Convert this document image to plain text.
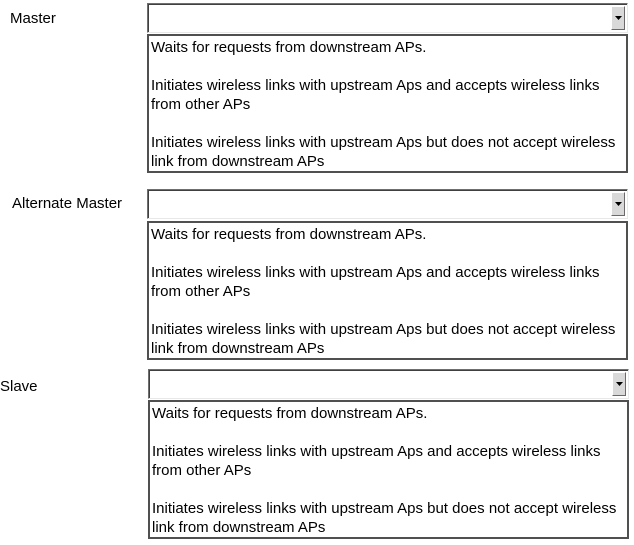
Master
Waits for requests from downstream APs.
Initiates wireless links with upstream Aps and accepts wireless links from other APs
Initiates wireless links with upstream Aps but does not accept wireless link from downstream APs
Alternate Master
Waits for requests from downstream APs.
Initiates wireless links with upstream Aps and accepts wireless links from other APs
Initiates wireless links with upstream Aps but does not accept wireless link from downstream APs
Slave
Waits for requests from downstream APs.
Initiates wireless links with upstream Aps and accepts wireless links from other APs
Initiates wireless links with upstream Aps but does not accept wireless link from downstream APs
